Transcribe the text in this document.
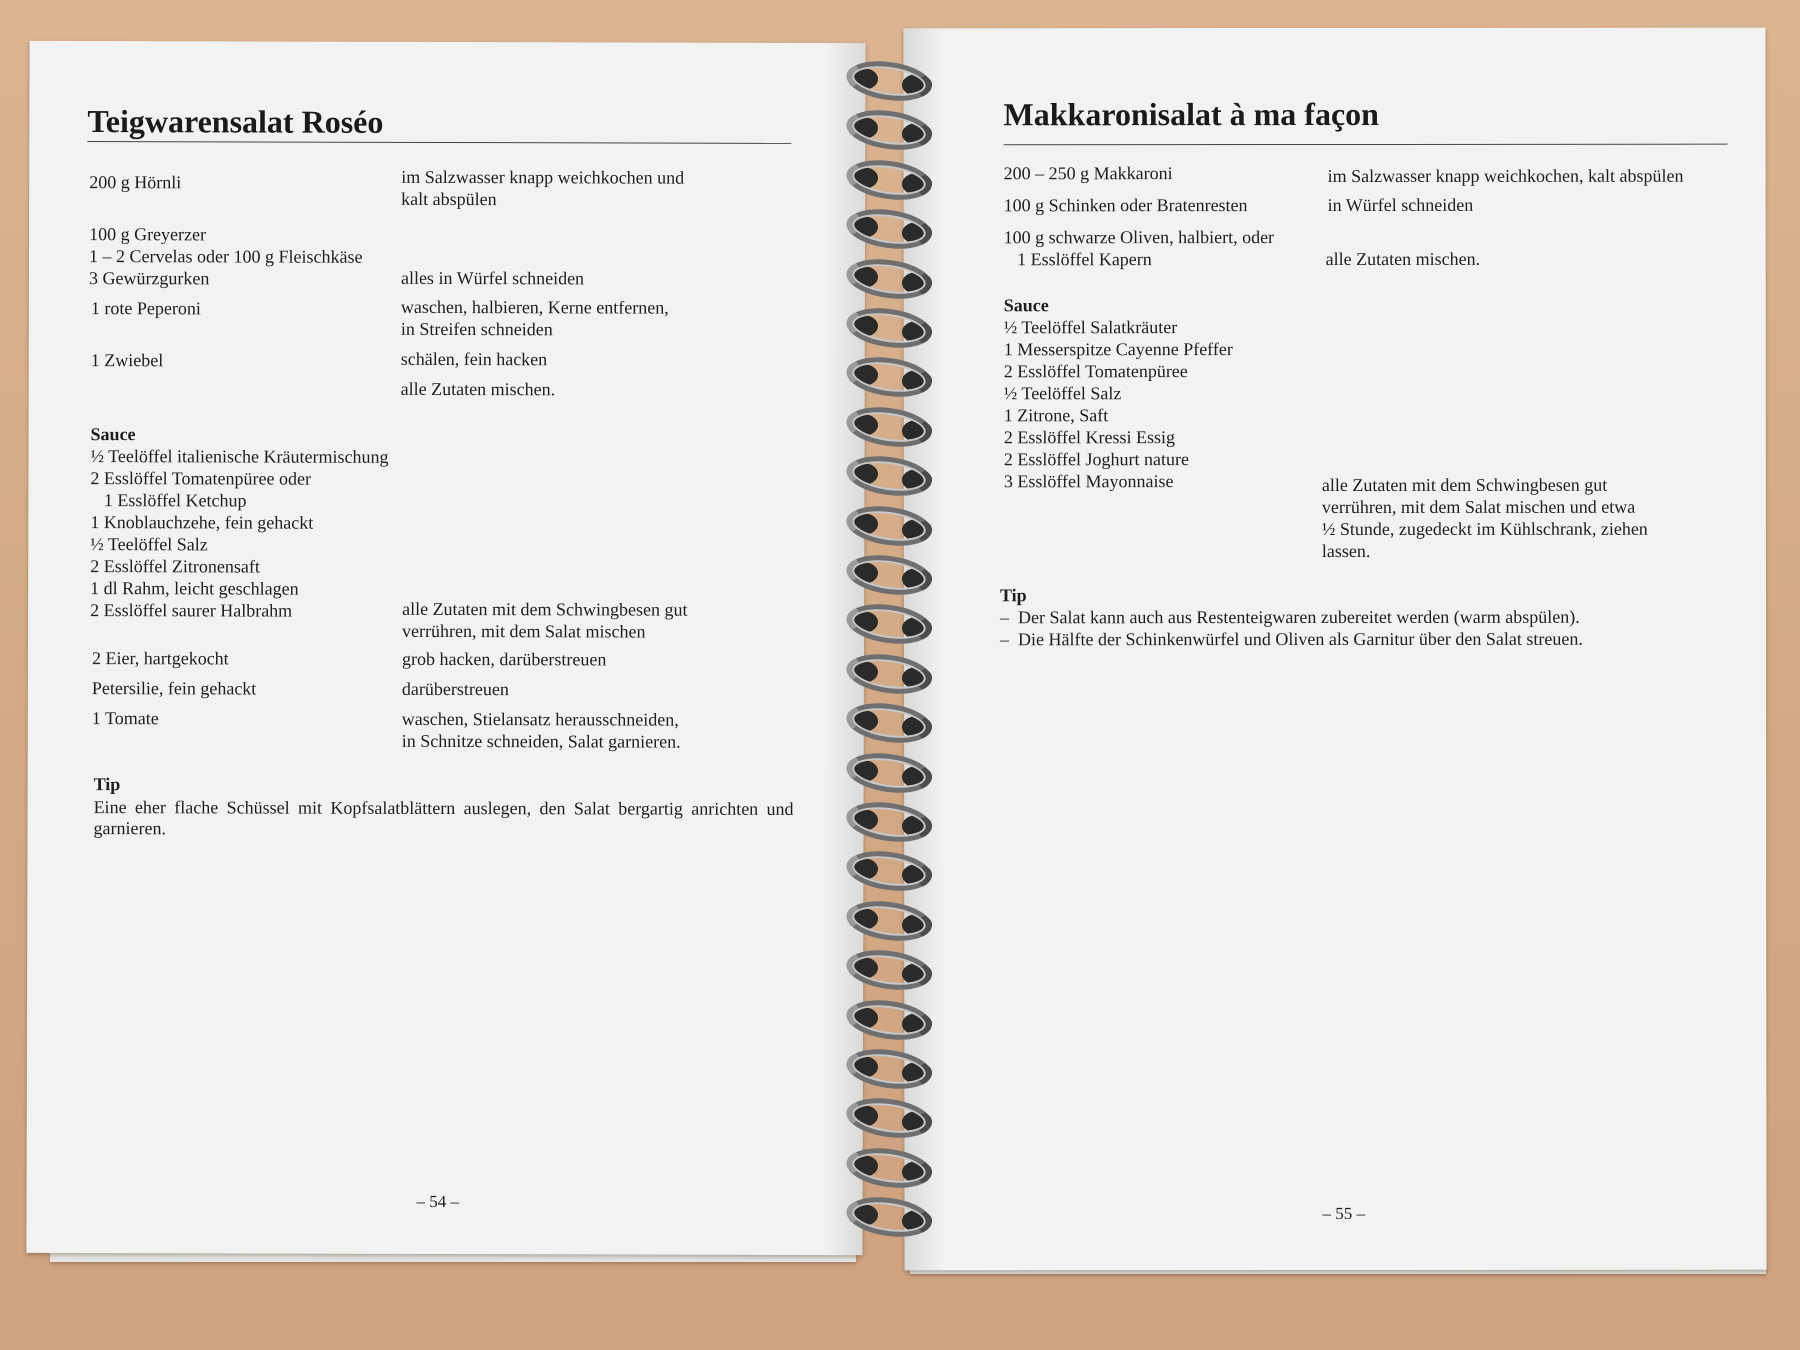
Teigwarensalat Roséo
200 g Hörnli	im Salzwasser knapp weichkochen und
kalt abspülen
100 g Greyerzer
1 – 2 Cervelas oder 100 g Fleischkäse
3 Gewürzgurken	alles in Würfel schneiden
1 rote Peperoni	waschen, halbieren, Kerne entfernen,
in Streifen schneiden
1 Zwiebel	schälen, fein hacken
alle Zutaten mischen.
Sauce
½ Teelöffel italienische Kräutermischung
2 Esslöffel Tomatenpüree oder
1 Esslöffel Ketchup
1 Knoblauchzehe, fein gehackt
½ Teelöffel Salz
2 Esslöffel Zitronensaft
1 dl Rahm, leicht geschlagen
2 Esslöffel saurer Halbrahm	alle Zutaten mit dem Schwingbesen gut
verrühren, mit dem Salat mischen
2 Eier, hartgekocht	grob hacken, darüberstreuen
Petersilie, fein gehackt	darüberstreuen
1 Tomate	waschen, Stielansatz herausschneiden,
in Schnitze schneiden, Salat garnieren.
Tip
Eine eher flache Schüssel mit Kopfsalatblättern auslegen, den Salat bergartig anrichten und garnieren.
– 54 –
Makkaronisalat à ma façon
200 – 250 g Makkaroni	im Salzwasser knapp weichkochen, kalt abspülen
100 g Schinken oder Bratenresten	in Würfel schneiden
100 g schwarze Oliven, halbiert, oder
1 Esslöffel Kapern	alle Zutaten mischen.
Sauce
½ Teelöffel Salatkräuter
1 Messerspitze Cayenne Pfeffer
2 Esslöffel Tomatenpüree
½ Teelöffel Salz
1 Zitrone, Saft
2 Esslöffel Kressi Essig
2 Esslöffel Joghurt nature
3 Esslöffel Mayonnaise	alle Zutaten mit dem Schwingbesen gut
verrühren, mit dem Salat mischen und etwa
½ Stunde, zugedeckt im Kühlschrank, ziehen
lassen.
Tip
–  Der Salat kann auch aus Restenteigwaren zubereitet werden (warm abspülen).
–  Die Hälfte der Schinkenwürfel und Oliven als Garnitur über den Salat streuen.
– 55 –
